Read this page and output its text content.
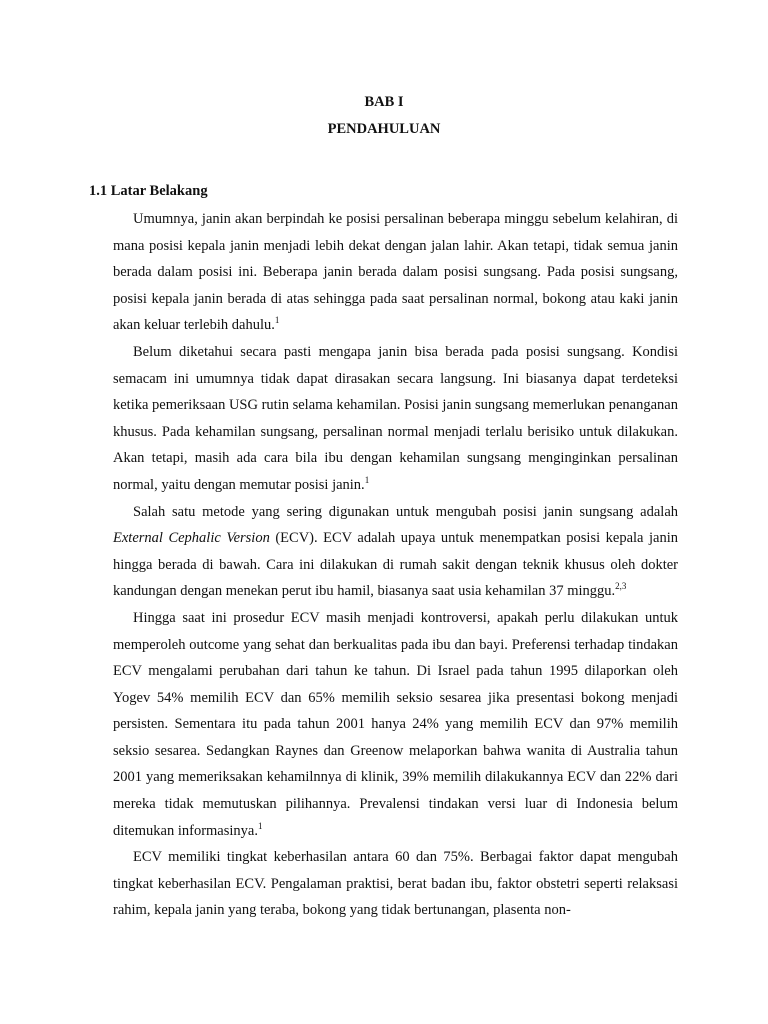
BAB I
PENDAHULUAN
1.1 Latar Belakang

Umumnya, janin akan berpindah ke posisi persalinan beberapa minggu sebelum kelahiran, di mana posisi kepala janin menjadi lebih dekat dengan jalan lahir. Akan tetapi, tidak semua janin berada dalam posisi ini. Beberapa janin berada dalam posisi sungsang. Pada posisi sungsang, posisi kepala janin berada di atas sehingga pada saat persalinan normal, bokong atau kaki janin akan keluar terlebih dahulu.$^1$

Belum diketahui secara pasti mengapa janin bisa berada pada posisi sungsang. Kondisi semacam ini umumnya tidak dapat dirasakan secara langsung. Ini biasanya dapat terdeteksi ketika pemeriksaan USG rutin selama kehamilan. Posisi janin sungsang memerlukan penanganan khusus. Pada kehamilan sungsang, persalinan normal menjadi terlalu berisiko untuk dilakukan. Akan tetapi, masih ada cara bila ibu dengan kehamilan sungsang menginginkan persalinan normal, yaitu dengan memutar posisi janin.$^1$

Salah satu metode yang sering digunakan untuk mengubah posisi janin sungsang adalah External Cephalic Version (ECV). ECV adalah upaya untuk menempatkan posisi kepala janin hingga berada di bawah. Cara ini dilakukan di rumah sakit dengan teknik khusus oleh dokter kandungan dengan menekan perut ibu hamil, biasanya saat usia kehamilan 37 minggu.$^{2,3}$

Hingga saat ini prosedur ECV masih menjadi kontroversi, apakah perlu dilakukan untuk memperoleh outcome yang sehat dan berkualitas pada ibu dan bayi. Preferensi terhadap tindakan ECV mengalami perubahan dari tahun ke tahun. Di Israel pada tahun 1995 dilaporkan oleh Yogev 54% memilih ECV dan 65% memilih seksio sesarea jika presentasi bokong menjadi persisten. Sementara itu pada tahun 2001 hanya 24% yang memilih ECV dan 97% memilih seksio sesarea. Sedangkan Raynes dan Greenow melaporkan bahwa wanita di Australia tahun 2001 yang memeriksakan kehamilnnya di klinik, 39% memilih dilakukannya ECV dan 22% dari mereka tidak memutuskan pilihannya. Prevalensi tindakan versi luar di Indonesia belum ditemukan informasinya.$^1$

ECV memiliki tingkat keberhasilan antara 60 dan 75%. Berbagai faktor dapat mengubah tingkat keberhasilan ECV. Pengalaman praktisi, berat badan ibu, faktor obstetri seperti relaksasi rahim, kepala janin yang teraba, bokong yang tidak bertunangan, plasenta non-
